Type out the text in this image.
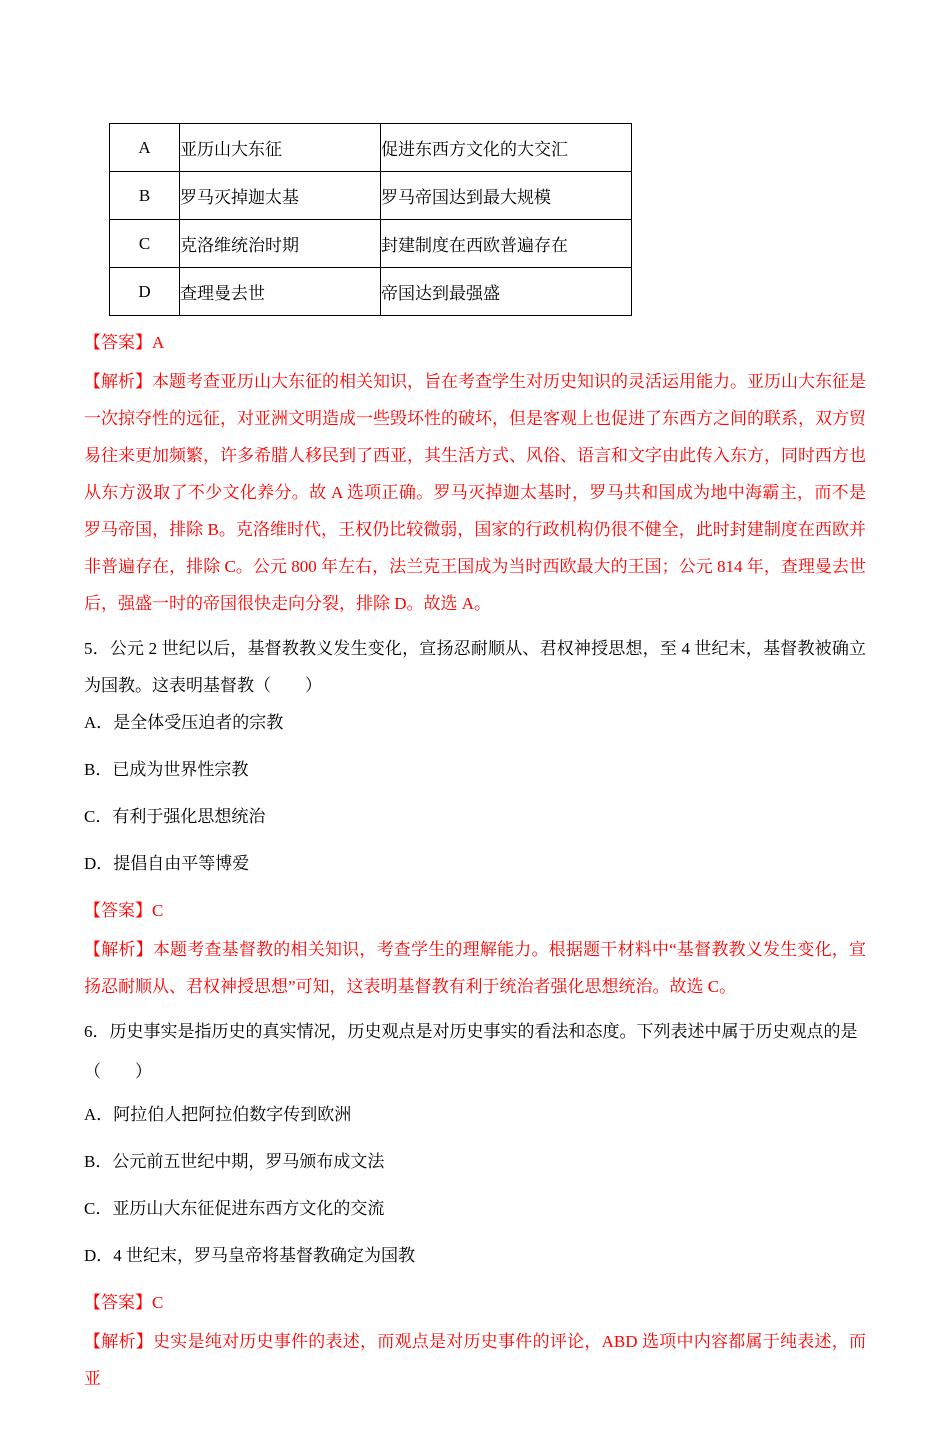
A	亚历山大东征	促进东西方文化的大交汇
B	罗马灭掉迦太基	罗马帝国达到最大规模
C	克洛维统治时期	封建制度在西欧普遍存在
D	查理曼去世	帝国达到最强盛

【答案】A

【解析】本题考查亚历山大东征的相关知识，旨在考查学生对历史知识的灵活运用能力。亚历山大东征是一次掠夺性的远征，对亚洲文明造成一些毁坏性的破坏，但是客观上也促进了东西方之间的联系，双方贸易往来更加频繁，许多希腊人移民到了西亚，其生活方式、风俗、语言和文字由此传入东方，同时西方也从东方汲取了不少文化养分。故 A 选项正确。罗马灭掉迦太基时，罗马共和国成为地中海霸主，而不是罗马帝国，排除 B。克洛维时代，王权仍比较微弱，国家的行政机构仍很不健全，此时封建制度在西欧并非普遍存在，排除 C。公元 800 年左右，法兰克王国成为当时西欧最大的王国；公元 814 年，查理曼去世后，强盛一时的帝国很快走向分裂，排除 D。故选 A。

5．公元 2 世纪以后，基督教教义发生变化，宣扬忍耐顺从、君权神授思想，至 4 世纪末，基督教被确立为国教。这表明基督教（　　）

A．是全体受压迫者的宗教

B．已成为世界性宗教

C．有利于强化思想统治

D．提倡自由平等博爱

【答案】C

【解析】本题考查基督教的相关知识，考查学生的理解能力。根据题干材料中“基督教教义发生变化，宣扬忍耐顺从、君权神授思想”可知，这表明基督教有利于统治者强化思想统治。故选 C。

6．历史事实是指历史的真实情况，历史观点是对历史事实的看法和态度。下列表述中属于历史观点的是

（　　）

A．阿拉伯人把阿拉伯数字传到欧洲

B．公元前五世纪中期，罗马颁布成文法

C．亚历山大东征促进东西方文化的交流

D．4 世纪末，罗马皇帝将基督教确定为国教

【答案】C

【解析】史实是纯对历史事件的表述，而观点是对历史事件的评论，ABD 选项中内容都属于纯表述，而亚
